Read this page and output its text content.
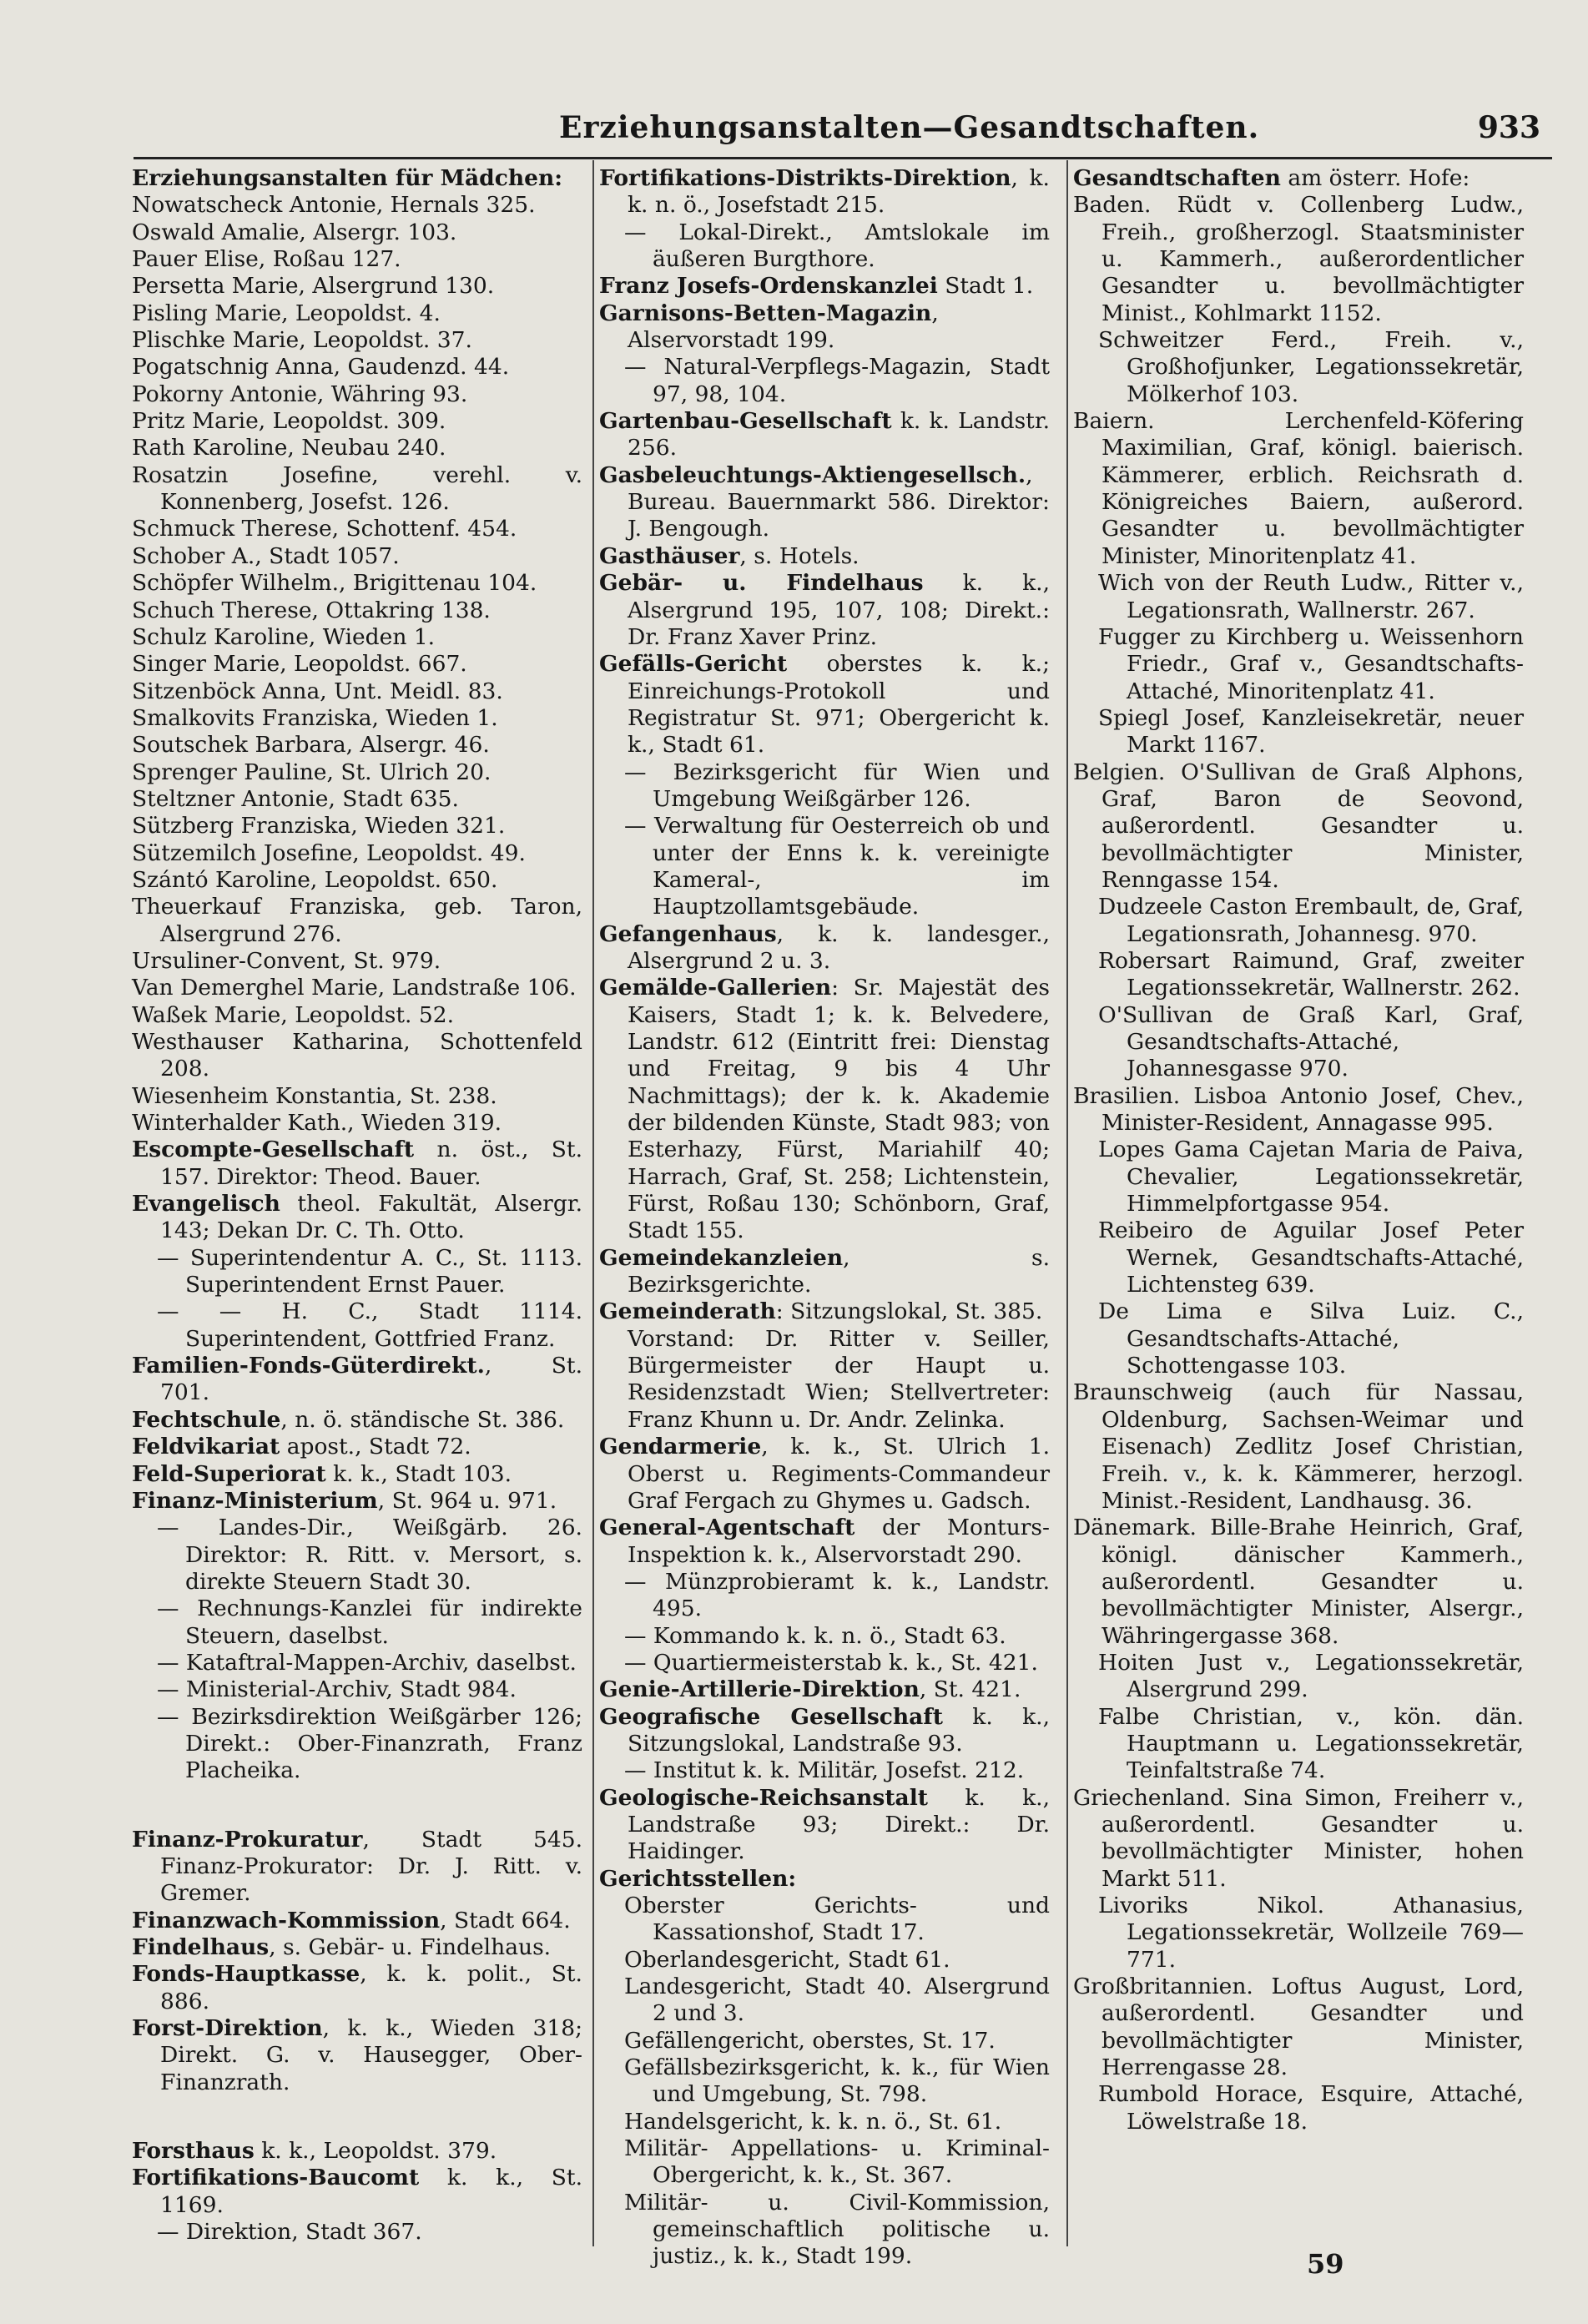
Erziehungsanstalten—Gesandtschaften.	933

Erziehungsanstalten für Mädchen:

Nowatscheck Antonie, Hernals 325.

Oswald Amalie, Alsergr. 103.

Pauer Elise, Roßau 127.

Persetta Marie, Alsergrund 130.

Pisling Marie, Leopoldst. 4.

Plischke Marie, Leopoldst. 37.

Pogatschnig Anna, Gaudenzd. 44.

Pokorny Antonie, Währing 93.

Pritz Marie, Leopoldst. 309.

Rath Karoline, Neubau 240.

Rosatzin Josefine, verehl. v. Konnenberg, Josefst. 126.

Schmuck Therese, Schottenf. 454.

Schober A., Stadt 1057.

Schöpfer Wilhelm., Brigittenau 104.

Schuch Therese, Ottakring 138.

Schulz Karoline, Wieden 1.

Singer Marie, Leopoldst. 667.

Sitzenböck Anna, Unt. Meidl. 83.

Smalkovits Franziska, Wieden 1.

Soutschek Barbara, Alsergr. 46.

Sprenger Pauline, St. Ulrich 20.

Steltzner Antonie, Stadt 635.

Sützberg Franziska, Wieden 321.

Sützemilch Josefine, Leopoldst. 49.

Szántó Karoline, Leopoldst. 650.

Theuerkauf Franziska, geb. Taron, Alsergrund 276.

Ursuliner-Convent, St. 979.

Van Demerghel Marie, Landstraße 106.

Waßek Marie, Leopoldst. 52.

Westhauser Katharina, Schottenfeld 208.

Wiesenheim Konstantia, St. 238.

Winterhalder Kath., Wieden 319.

Escompte-Gesellschaft n. öst., St. 157. Direktor: Theod. Bauer.

Evangelisch theol. Fakultät, Alsergr. 143; Dekan Dr. C. Th. Otto.

— Superintendentur A. C., St. 1113. Superintendent Ernst Pauer.

— — H. C., Stadt 1114. Superintendent, Gottfried Franz.

Familien-Fonds-Güterdirekt., St. 701.

Fechtschule, n. ö. ständische St. 386.

Feldvikariat apost., Stadt 72.

Feld-Superiorat k. k., Stadt 103.

Finanz-Ministerium, St. 964 u. 971.

— Landes-Dir., Weißgärb. 26. Direktor: R. Ritt. v. Mersort, s. direkte Steuern Stadt 30.

— Rechnungs-Kanzlei für indirekte Steuern, daselbst.

— Kataftral-Mappen-Archiv, daselbst.

— Ministerial-Archiv, Stadt 984.

— Bezirksdirektion Weißgärber 126; Direkt.: Ober-Finanzrath, Franz Placheika.

Finanz-Prokuratur, Stadt 545. Finanz-Prokurator: Dr. J. Ritt. v. Gremer.

Finanzwach-Kommission, Stadt 664.

Findelhaus, s. Gebär- u. Findelhaus.

Fonds-Hauptkasse, k. k. polit., St. 886.

Forst-Direktion, k. k., Wieden 318; Direkt. G. v. Hausegger, Ober-Finanzrath.

Forsthaus k. k., Leopoldst. 379.

Fortifikations-Baucomt k. k., St. 1169.

— Direktion, Stadt 367.

Fortifikations-Distrikts-Direktion, k. k. n. ö., Josefstadt 215.

— Lokal-Direkt., Amtslokale im äußeren Burgthore.

Franz Josefs-Ordenskanzlei Stadt 1.

Garnisons-Betten-Magazin, Alservorstadt 199.

— Natural-Verpflegs-Magazin, Stadt 97, 98, 104.

Gartenbau-Gesellschaft k. k. Landstr. 256.

Gasbeleuchtungs-Aktiengesellsch., Bureau. Bauernmarkt 586. Direktor: J. Bengough.

Gasthäuser, s. Hotels.

Gebär- u. Findelhaus k. k., Alsergrund 195, 107, 108; Direkt.: Dr. Franz Xaver Prinz.

Gefälls-Gericht oberstes k. k.; Einreichungs-Protokoll und Registratur St. 971; Obergericht k. k., Stadt 61.

— Bezirksgericht für Wien und Umgebung Weißgärber 126.

— Verwaltung für Oesterreich ob und unter der Enns k. k. vereinigte Kameral-, im Hauptzollamtsgebäude.

Gefangenhaus, k. k. landesger., Alsergrund 2 u. 3.

Gemälde-Gallerien: Sr. Majestät des Kaisers, Stadt 1; k. k. Belvedere, Landstr. 612 (Eintritt frei: Dienstag und Freitag, 9 bis 4 Uhr Nachmittags); der k. k. Akademie der bildenden Künste, Stadt 983; von Esterhazy, Fürst, Mariahilf 40; Harrach, Graf, St. 258; Lichtenstein, Fürst, Roßau 130; Schönborn, Graf, Stadt 155.

Gemeindekanzleien, s. Bezirksgerichte.

Gemeinderath: Sitzungslokal, St. 385.

Vorstand: Dr. Ritter v. Seiller, Bürgermeister der Haupt u. Residenzstadt Wien; Stellvertreter: Franz Khunn u. Dr. Andr. Zelinka.

Gendarmerie, k. k., St. Ulrich 1. Oberst u. Regiments-Commandeur Graf Fergach zu Ghymes u. Gadsch.

General-Agentschaft der Monturs-Inspektion k. k., Alservorstadt 290.

— Münzprobieramt k. k., Landstr. 495.

— Kommando k. k. n. ö., Stadt 63.

— Quartiermeisterstab k. k., St. 421.

Genie-Artillerie-Direktion, St. 421.

Geografische Gesellschaft k. k., Sitzungslokal, Landstraße 93.

— Institut k. k. Militär, Josefst. 212.

Geologische-Reichsanstalt k. k., Landstraße 93; Direkt.: Dr. Haidinger.

Gerichtsstellen:

Oberster Gerichts- und Kassationshof, Stadt 17.

Oberlandesgericht, Stadt 61.

Landesgericht, Stadt 40. Alsergrund 2 und 3.

Gefällengericht, oberstes, St. 17.

Gefällsbezirksgericht, k. k., für Wien und Umgebung, St. 798.

Handelsgericht, k. k. n. ö., St. 61.

Militär- Appellations- u. Kriminal-Obergericht, k. k., St. 367.

Militär- u. Civil-Kommission, gemeinschaftlich politische u. justiz., k. k., Stadt 199.

Gesandtschaften am österr. Hofe:

Baden. Rüdt v. Collenberg Ludw., Freih., großherzogl. Staatsminister u. Kammerh., außerordentlicher Gesandter u. bevollmächtigter Minist., Kohlmarkt 1152.

Schweitzer Ferd., Freih. v., Großhofjunker, Legationssekretär, Mölkerhof 103.

Baiern. Lerchenfeld-Köfering Maximilian, Graf, königl. baierisch. Kämmerer, erblich. Reichsrath d. Königreiches Baiern, außerord. Gesandter u. bevollmächtigter Minister, Minoritenplatz 41.

Wich von der Reuth Ludw., Ritter v., Legationsrath, Wallnerstr. 267.

Fugger zu Kirchberg u. Weissenhorn Friedr., Graf v., Gesandtschafts-Attaché, Minoritenplatz 41.

Spiegl Josef, Kanzleisekretär, neuer Markt 1167.

Belgien. O'Sullivan de Graß Alphons, Graf, Baron de Seovond, außerordentl. Gesandter u. bevollmächtigter Minister, Renngasse 154.

Dudzeele Caston Erembault, de, Graf, Legationsrath, Johannesg. 970.

Robersart Raimund, Graf, zweiter Legationssekretär, Wallnerstr. 262.

O'Sullivan de Graß Karl, Graf, Gesandtschafts-Attaché, Johannesgasse 970.

Brasilien. Lisboa Antonio Josef, Chev., Minister-Resident, Annagasse 995.

Lopes Gama Cajetan Maria de Paiva, Chevalier, Legationssekretär, Himmelpfortgasse 954.

Reibeiro de Aguilar Josef Peter Wernek, Gesandtschafts-Attaché, Lichtensteg 639.

De Lima e Silva Luiz. C., Gesandtschafts-Attaché, Schottengasse 103.

Braunschweig (auch für Nassau, Oldenburg, Sachsen-Weimar und Eisenach) Zedlitz Josef Christian, Freih. v., k. k. Kämmerer, herzogl. Minist.-Resident, Landhausg. 36.

Dänemark. Bille-Brahe Heinrich, Graf, königl. dänischer Kammerh., außerordentl. Gesandter u. bevollmächtigter Minister, Alsergr., Währingergasse 368.

Hoiten Just v., Legationssekretär, Alsergrund 299.

Falbe Christian, v., kön. dän. Hauptmann u. Legationssekretär, Teinfaltstraße 74.

Griechenland. Sina Simon, Freiherr v., außerordentl. Gesandter u. bevollmächtigter Minister, hohen Markt 511.

Livoriks Nikol. Athanasius, Legationssekretär, Wollzeile 769—771.

Großbritannien. Loftus August, Lord, außerordentl. Gesandter und bevollmächtigter Minister, Herrengasse 28.

Rumbold Horace, Esquire, Attaché, Löwelstraße 18.

59
